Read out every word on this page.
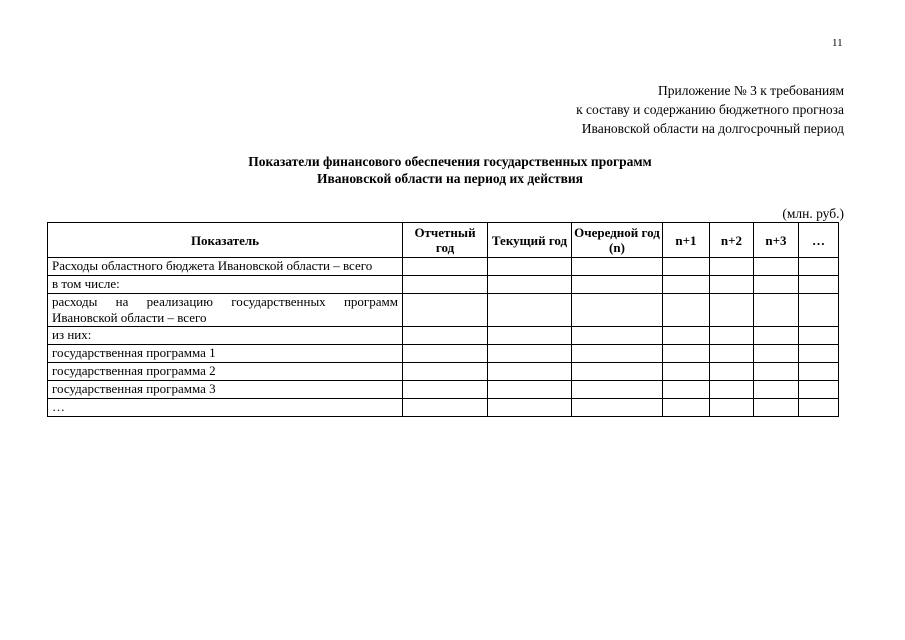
11
Приложение № 3 к требованиям
к составу и содержанию бюджетного прогноза
Ивановской области на долгосрочный период
Показатели финансового обеспечения государственных программ
Ивановской области на период их действия
(млн. руб.)
Показатель	Отчетный год	Текущий год	Очередной год (n)	n+1	n+2	n+3	…
Расходы областного бюджета Ивановской области – всего							
в том числе:							
расходы на реализацию государственных программ Ивановской области – всего							
из них:							
государственная программа 1							
государственная программа 2							
государственная программа 3							
…							
